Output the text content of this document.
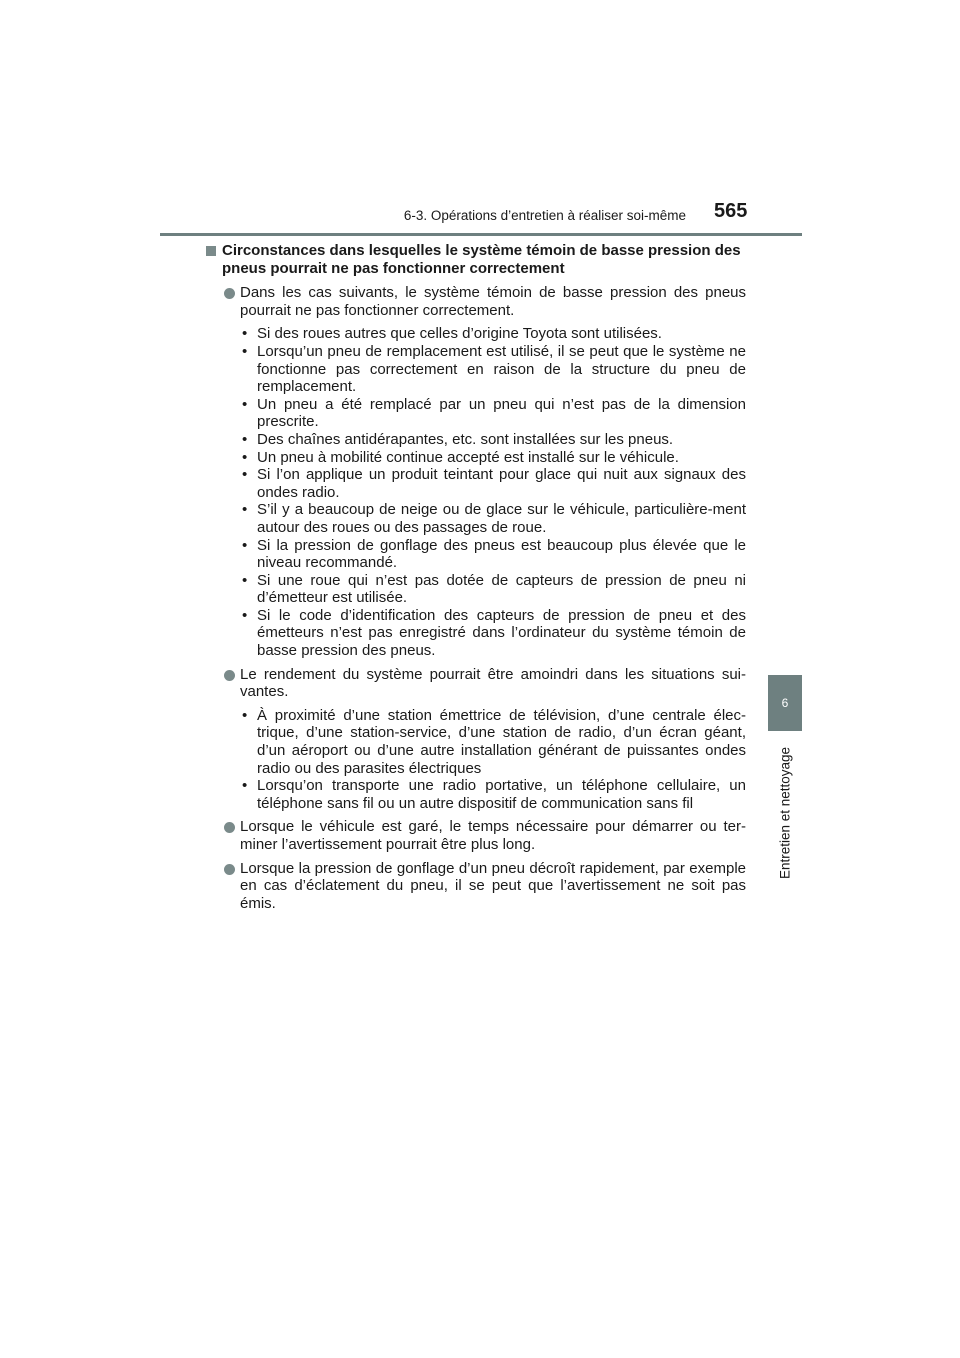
6-3. Opérations d’entretien à réaliser soi-même 565
6
Entretien et nettoyage
Circonstances dans lesquelles le système témoin de basse pression des pneus pourrait ne pas fonctionner correctement
Dans les cas suivants, le système témoin de basse pression des pneus pourrait ne pas fonctionner correctement.
• Si des roues autres que celles d’origine Toyota sont utilisées.
• Lorsqu’un pneu de remplacement est utilisé, il se peut que le système ne fonctionne pas correctement en raison de la structure du pneu de remplacement.
• Un pneu a été remplacé par un pneu qui n’est pas de la dimension prescrite.
• Des chaînes antidérapantes, etc. sont installées sur les pneus.
• Un pneu à mobilité continue accepté est installé sur le véhicule.
• Si l’on applique un produit teintant pour glace qui nuit aux signaux des ondes radio.
• S’il y a beaucoup de neige ou de glace sur le véhicule, particulière-ment autour des roues ou des passages de roue.
• Si la pression de gonflage des pneus est beaucoup plus élevée que le niveau recommandé.
• Si une roue qui n’est pas dotée de capteurs de pression de pneu ni d’émetteur est utilisée.
• Si le code d’identification des capteurs de pression de pneu et des émetteurs n’est pas enregistré dans l’ordinateur du système témoin de basse pression des pneus.
Le rendement du système pourrait être amoindri dans les situations sui-vantes.
• À proximité d’une station émettrice de télévision, d’une centrale élec-trique, d’une station-service, d’une station de radio, d’un écran géant, d’un aéroport ou d’une autre installation générant de puissantes ondes radio ou des parasites électriques
• Lorsqu’on transporte une radio portative, un téléphone cellulaire, un téléphone sans fil ou un autre dispositif de communication sans fil
Lorsque le véhicule est garé, le temps nécessaire pour démarrer ou ter-miner l’avertissement pourrait être plus long.
Lorsque la pression de gonflage d’un pneu décroît rapidement, par exemple en cas d’éclatement du pneu, il se peut que l’avertissement ne soit pas émis.
